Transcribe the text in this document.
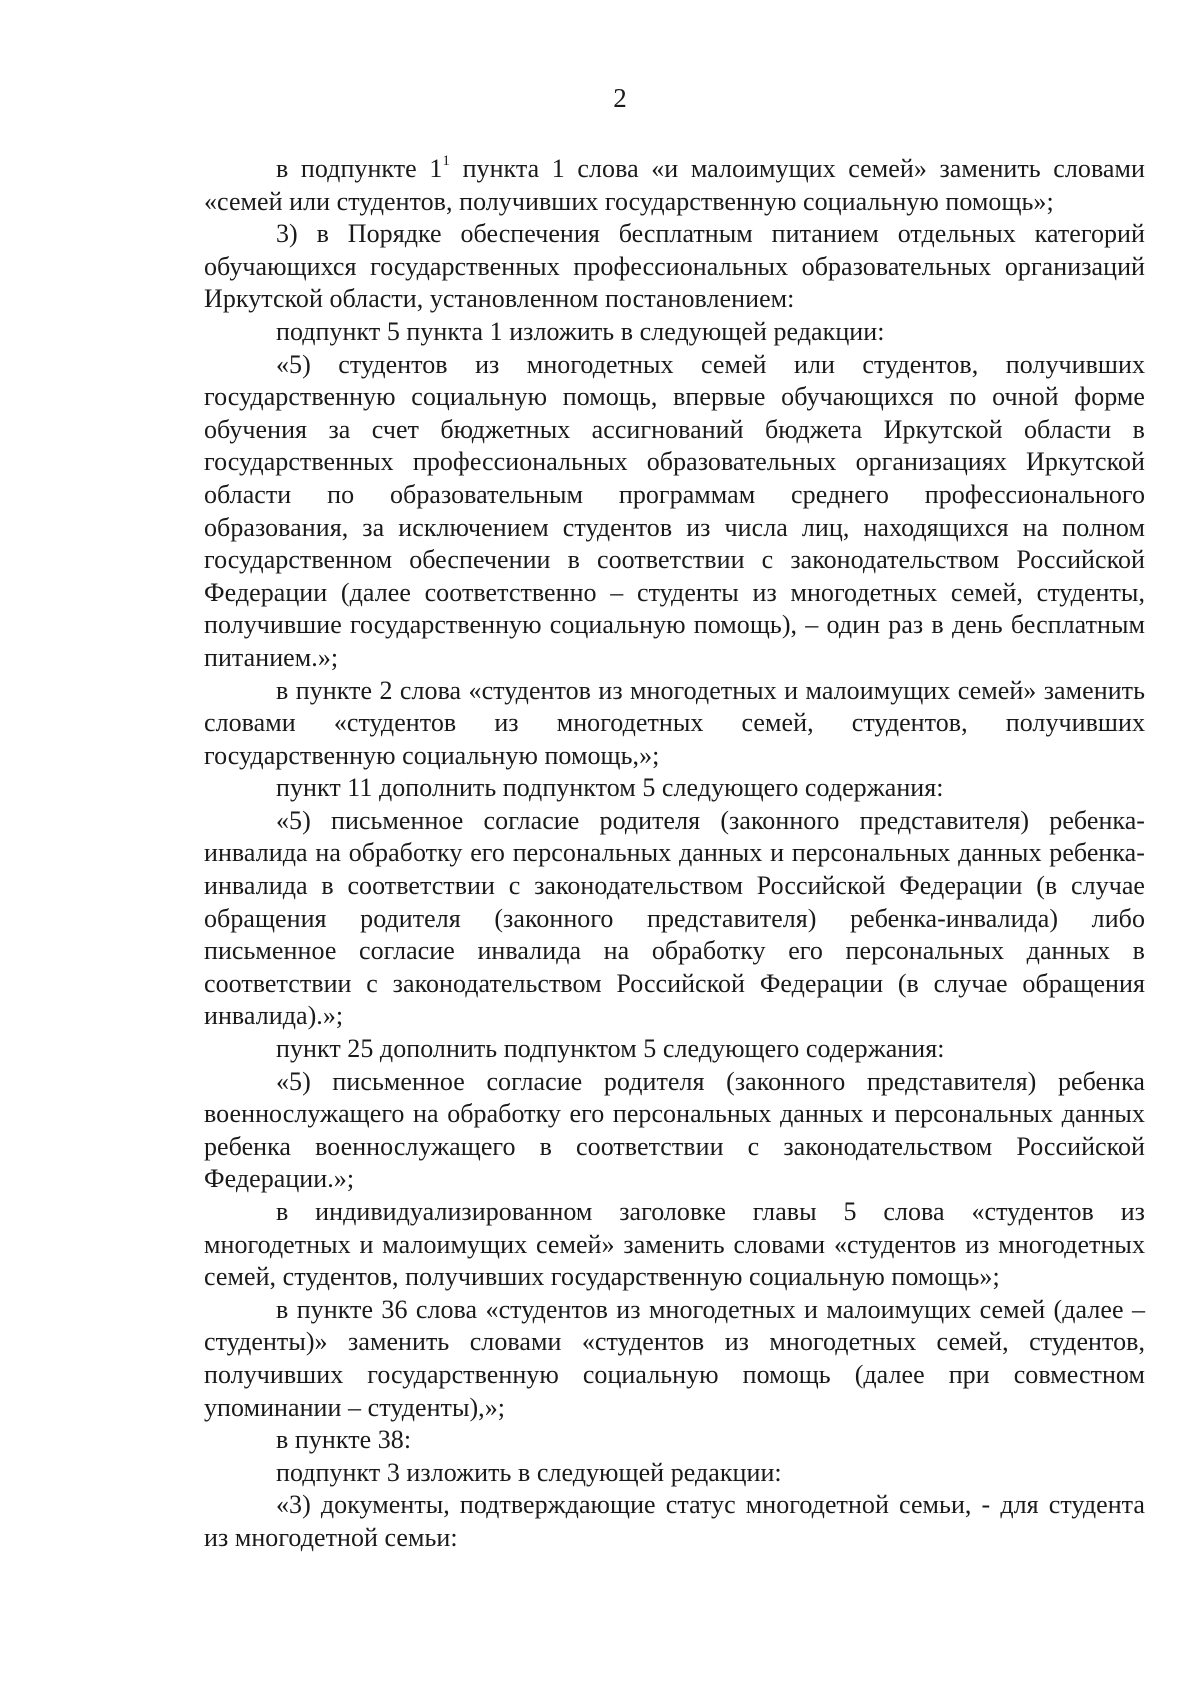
2

в подпункте $1^1$ пункта 1 слова «и малоимущих семей» заменить словами «семей или студентов, получивших государственную социальную помощь»;

3) в Порядке обеспечения бесплатным питанием отдельных категорий обучающихся государственных профессиональных образовательных организаций Иркутской области, установленном постановлением:

подпункт 5 пункта 1 изложить в следующей редакции:

«5) студентов из многодетных семей или студентов, получивших государственную социальную помощь, впервые обучающихся по очной форме обучения за счет бюджетных ассигнований бюджета Иркутской области в государственных профессиональных образовательных организациях Иркутской области по образовательным программам среднего профессионального образования, за исключением студентов из числа лиц, находящихся на полном государственном обеспечении в соответствии с законодательством Российской Федерации (далее соответственно – студенты из многодетных семей, студенты, получившие государственную социальную помощь), – один раз в день бесплатным питанием.»;

в пункте 2 слова «студентов из многодетных и малоимущих семей» заменить словами «студентов из многодетных семей, студентов, получивших государственную социальную помощь,»;

пункт 11 дополнить подпунктом 5 следующего содержания:

«5) письменное согласие родителя (законного представителя) ребенка-инвалида на обработку его персональных данных и персональных данных ребенка-инвалида в соответствии с законодательством Российской Федерации (в случае обращения родителя (законного представителя) ребенка-инвалида) либо письменное согласие инвалида на обработку его персональных данных в соответствии с законодательством Российской Федерации (в случае обращения инвалида).»;

пункт 25 дополнить подпунктом 5 следующего содержания:

«5) письменное согласие родителя (законного представителя) ребенка военнослужащего на обработку его персональных данных и персональных данных ребенка военнослужащего в соответствии с законодательством Российской Федерации.»;

в индивидуализированном заголовке главы 5 слова «студентов из многодетных и малоимущих семей» заменить словами «студентов из многодетных семей, студентов, получивших государственную социальную помощь»;

в пункте 36 слова «студентов из многодетных и малоимущих семей (далее – студенты)» заменить словами «студентов из многодетных семей, студентов, получивших государственную социальную помощь (далее при совместном упоминании – студенты),»;

в пункте 38:

подпункт 3 изложить в следующей редакции:

«3) документы, подтверждающие статус многодетной семьи, - для студента из многодетной семьи:
